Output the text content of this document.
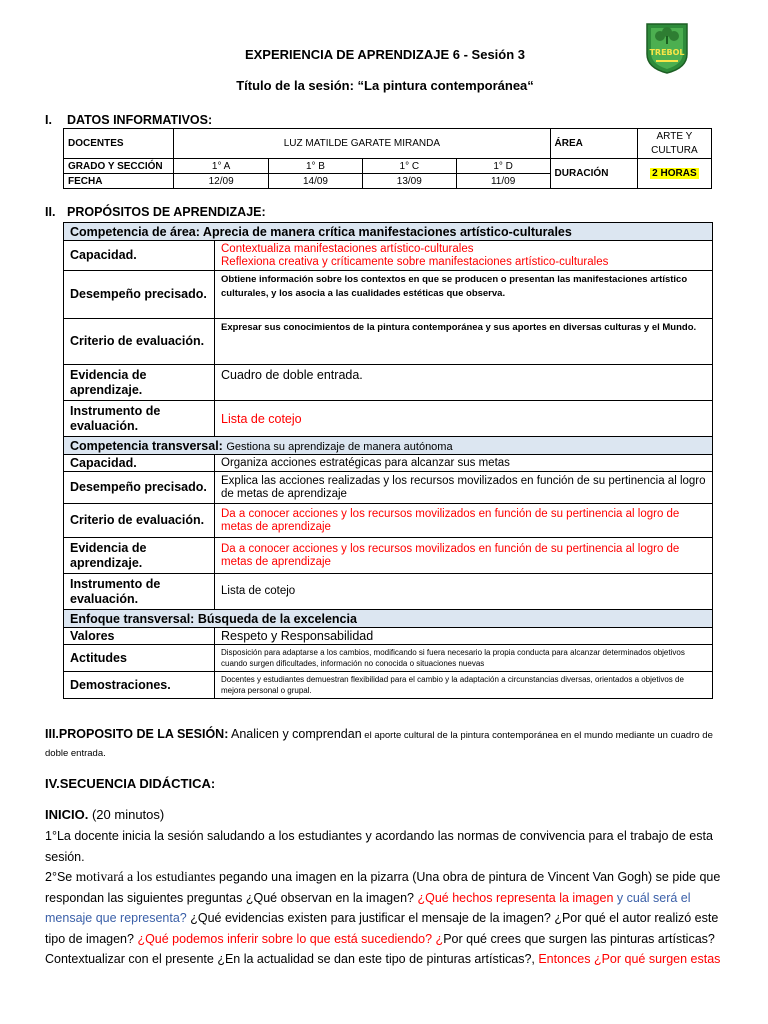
TREBOL
EXPERIENCIA DE APRENDIZAJE 6 - Sesión 3
Título de la sesión: “La pintura contemporánea“
I. DATOS INFORMATIVOS:
DOCENTES	LUZ MATILDE GARATE MIRANDA				ÁREA	ARTE Y CULTURA
GRADO Y SECCIÓN	1° A	1° B	1° C	1° D	DURACIÓN	2 HORAS
FECHA	12/09	14/09	13/09	11/09		
II. PROPÓSITOS DE APRENDIZAJE:
Competencia de área: Aprecia de manera crítica manifestaciones artístico-culturales	
Capacidad.	Contextualiza manifestaciones artístico-culturales
Reflexiona creativa y críticamente sobre manifestaciones artístico-culturales

Desempeño precisado.	Obtiene información sobre los contextos en que se producen o presentan las manifestaciones artístico culturales, y los asocia a las cualidades estéticas que observa.
Criterio de evaluación.	Expresar sus conocimientos de la pintura contemporánea y sus aportes en diversas culturas y el Mundo.
Evidencia de aprendizaje.	Cuadro de doble entrada.
Instrumento de evaluación.	Lista de cotejo
Competencia transversal: Gestiona su aprendizaje de manera autónoma	
Capacidad.	Organiza acciones estratégicas para alcanzar sus metas
Desempeño precisado.	Explica las acciones realizadas y los recursos movilizados en función de su pertinencia al logro de metas de aprendizaje
Criterio de evaluación.	Da a conocer acciones y los recursos movilizados en función de su pertinencia al logro de metas de aprendizaje
Evidencia de aprendizaje.	Da a conocer acciones y los recursos movilizados en función de su pertinencia al logro de metas de aprendizaje
Instrumento de evaluación.	Lista de cotejo
Enfoque transversal: Búsqueda de la excelencia	
Valores	Respeto y Responsabilidad
Actitudes	Disposición para adaptarse a los cambios, modificando si fuera necesario la propia conducta para alcanzar determinados objetivos cuando surgen dificultades, información no conocida o situaciones nuevas
Demostraciones.	Docentes y estudiantes demuestran flexibilidad para el cambio y la adaptación a circunstancias diversas, orientados a objetivos de mejora personal o grupal.
III.PROPOSITO DE LA SESIÓN: Analicen y comprendan el aporte cultural de la pintura contemporánea en el mundo mediante un cuadro de doble entrada.
IV.SECUENCIA DIDÁCTICA:
INICIO. (20 minutos)
1°La docente inicia la sesión saludando a los estudiantes y acordando las normas de convivencia para el trabajo de esta sesión.
2°Se motivará a los estudiantes pegando una imagen en la pizarra (Una obra de pintura de Vincent Van Gogh) se pide que respondan las siguientes preguntas ¿Qué observan en la imagen? ¿Qué hechos representa la imagen y cuál será el mensaje que representa? ¿Qué evidencias existen para justificar el mensaje de la imagen? ¿Por qué el autor realizó este tipo de imagen? ¿Qué podemos inferir sobre lo que está sucediendo? ¿Por qué crees que surgen las pinturas artísticas? Contextualizar con el presente ¿En la actualidad se dan este tipo de pinturas artísticas?, Entonces ¿Por qué surgen estas
